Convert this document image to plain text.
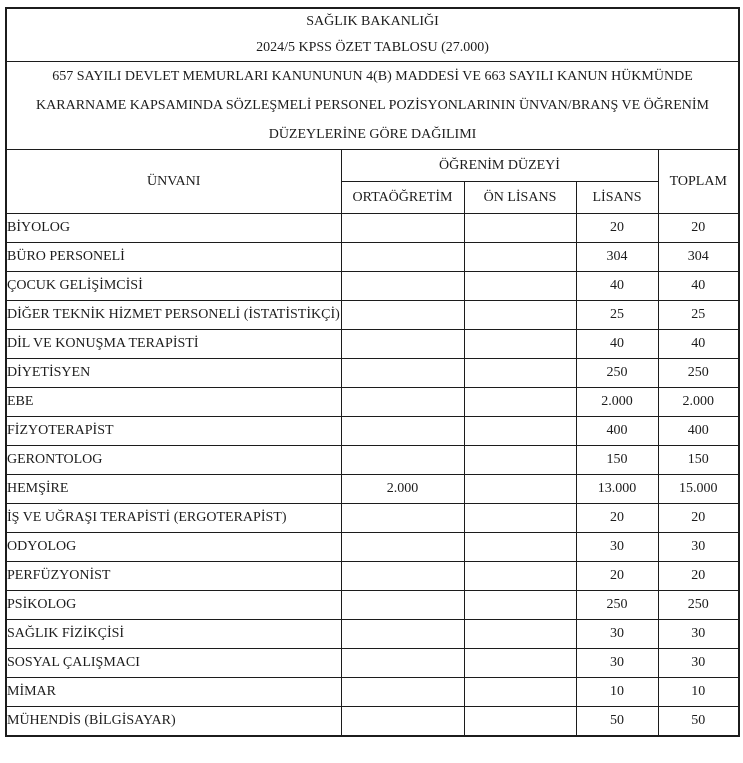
SAĞLIK BAKANLIĞI
2024/5 KPSS ÖZET TABLOSU (27.000)				

657 SAYILI DEVLET MEMURLARI KANUNUNUN 4(B) MADDESİ VE 663 SAYILI KANUN HÜKMÜNDE KARARNAME KAPSAMINDA SÖZLEŞMELİ PERSONEL POZİSYONLARININ ÜNVAN/BRANŞ VE ÖĞRENİM DÜZEYLERİNE GÖRE DAĞILIMI				
ÜNVANI	ÖĞRENİM DÜZEYİ			TOPLAM
	ORTAÖĞRETİM	ÖN LİSANS	LİSANS	
BİYOLOG			20	20
BÜRO PERSONELİ			304	304
ÇOCUK GELİŞİMCİSİ			40	40
DİĞER TEKNİK HİZMET PERSONELİ (İSTATİSTİKÇİ)			25	25
DİL VE KONUŞMA TERAPİSTİ			40	40
DİYETİSYEN			250	250
EBE			2.000	2.000
FİZYOTERAPİST			400	400
GERONTOLOG			150	150
HEMŞİRE	2.000		13.000	15.000
İŞ VE UĞRAŞI TERAPİSTİ (ERGOTERAPİST)			20	20
ODYOLOG			30	30
PERFÜZYONİST			20	20
PSİKOLOG			250	250
SAĞLIK FİZİKÇİSİ			30	30
SOSYAL ÇALIŞMACI			30	30
MİMAR			10	10
MÜHENDİS (BİLGİSAYAR)			50	50
